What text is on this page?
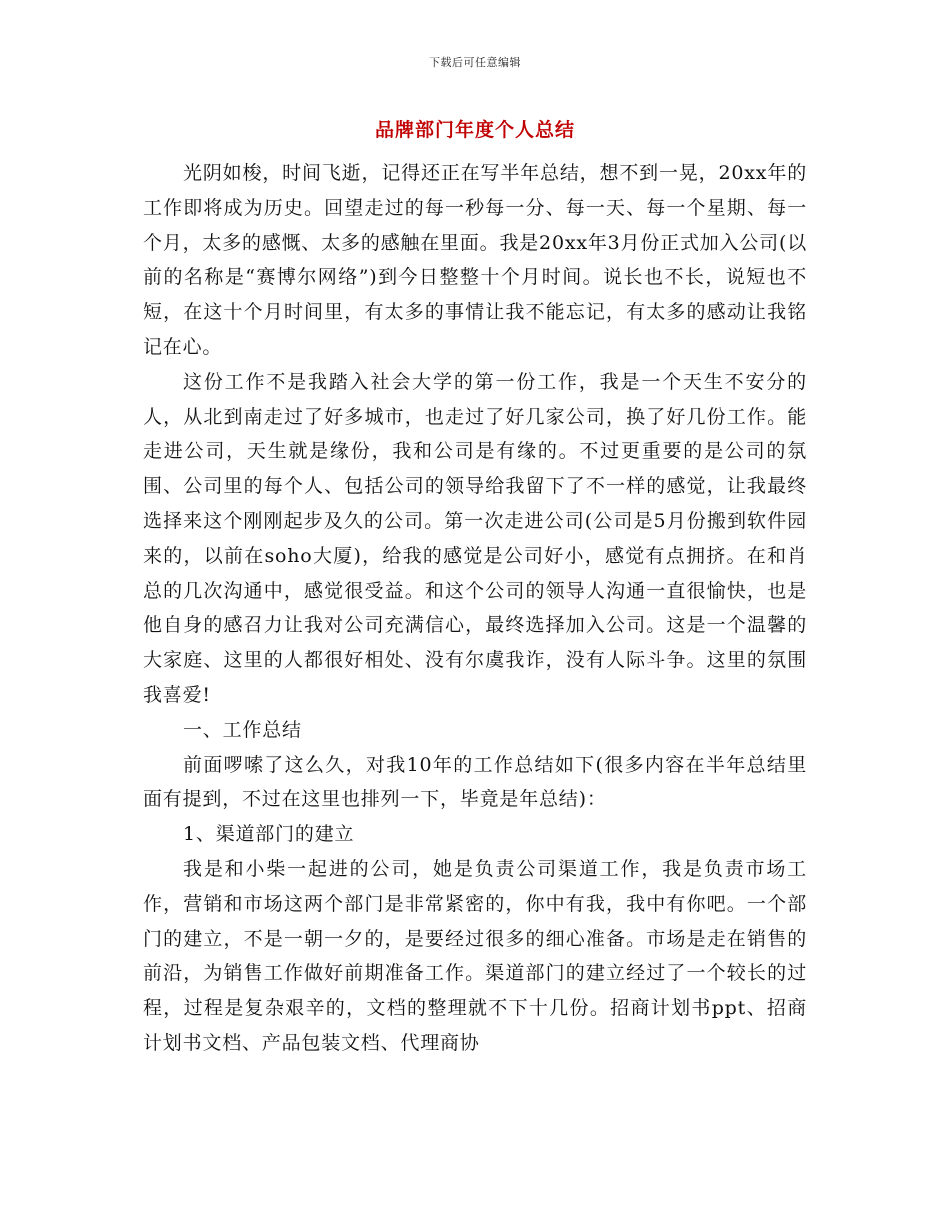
下载后可任意编辑
品牌部门年度个人总结

光阴如梭，时间飞逝，记得还正在写半年总结，想不到一晃，20xx年的工作即将成为历史。回望走过的每一秒每一分、每一天、每一个星期、每一个月，太多的感慨、太多的感触在里面。我是20xx年3月份正式加入公司(以前的名称是“赛博尔网络”)到今日整整十个月时间。说长也不长，说短也不短，在这十个月时间里，有太多的事情让我不能忘记，有太多的感动让我铭记在心。

这份工作不是我踏入社会大学的第一份工作，我是一个天生不安分的人，从北到南走过了好多城市，也走过了好几家公司，换了好几份工作。能走进公司，天生就是缘份，我和公司是有缘的。不过更重要的是公司的氛围、公司里的每个人、包括公司的领导给我留下了不一样的感觉，让我最终选择来这个刚刚起步及久的公司。第一次走进公司(公司是5月份搬到软件园来的，以前在soho大厦)，给我的感觉是公司好小，感觉有点拥挤。在和肖总的几次沟通中，感觉很受益。和这个公司的领导人沟通一直很愉快，也是他自身的感召力让我对公司充满信心，最终选择加入公司。这是一个温馨的大家庭、这里的人都很好相处、没有尔虞我诈，没有人际斗争。这里的氛围我喜爱!

一、工作总结

前面啰嗦了这么久，对我10年的工作总结如下(很多内容在半年总结里面有提到，不过在这里也排列一下，毕竟是年总结)：

1、渠道部门的建立

我是和小柴一起进的公司，她是负责公司渠道工作，我是负责市场工作，营销和市场这两个部门是非常紧密的，你中有我，我中有你吧。一个部门的建立，不是一朝一夕的，是要经过很多的细心准备。市场是走在销售的前沿，为销售工作做好前期准备工作。渠道部门的建立经过了一个较长的过程，过程是复杂艰辛的，文档的整理就不下十几份。招商计划书ppt、招商计划书文档、产品包装文档、代理商协
